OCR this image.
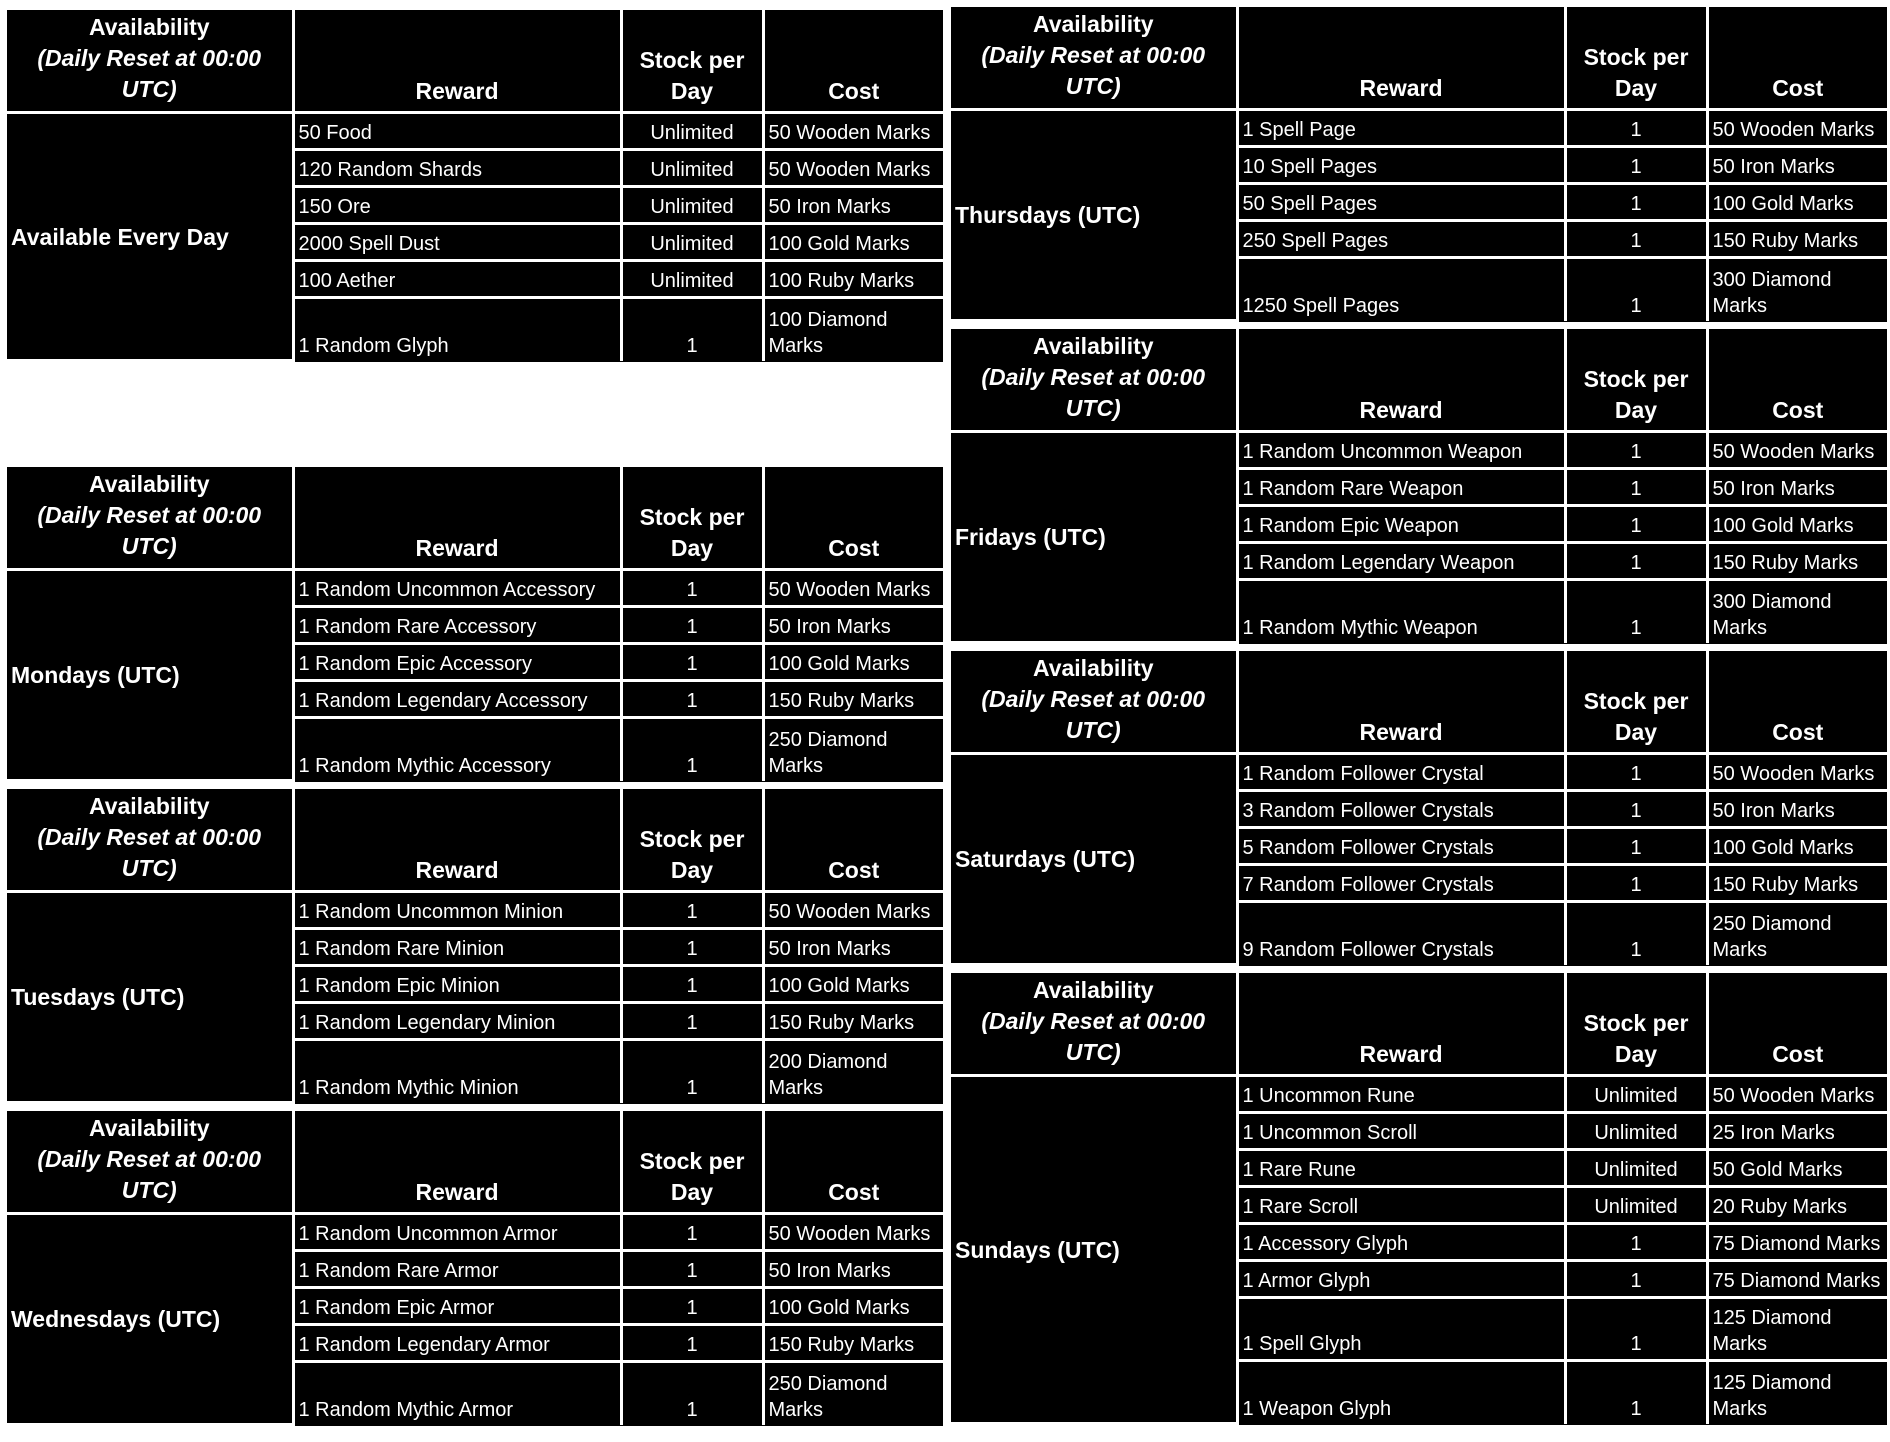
Availability
(Daily Reset at 00:00 UTC)	Reward	Stock per Day	Cost
Available Every Day	50 Food	Unlimited	50 Wooden Marks
	120 Random Shards	Unlimited	50 Wooden Marks
	150 Ore	Unlimited	50 Iron Marks
	2000 Spell Dust	Unlimited	100 Gold Marks
	100 Aether	Unlimited	100 Ruby Marks
	1 Random Glyph	1	100 Diamond Marks
Availability
(Daily Reset at 00:00 UTC)	Reward	Stock per Day	Cost
Mondays (UTC)	1 Random Uncommon Accessory	1	50 Wooden Marks
	1 Random Rare Accessory	1	50 Iron Marks
	1 Random Epic Accessory	1	100 Gold Marks
	1 Random Legendary Accessory	1	150 Ruby Marks
	1 Random Mythic Accessory	1	250 Diamond Marks
Availability
(Daily Reset at 00:00 UTC)	Reward	Stock per Day	Cost
Tuesdays (UTC)	1 Random Uncommon Minion	1	50 Wooden Marks
	1 Random Rare Minion	1	50 Iron Marks
	1 Random Epic Minion	1	100 Gold Marks
	1 Random Legendary Minion	1	150 Ruby Marks
	1 Random Mythic Minion	1	200 Diamond Marks
Availability
(Daily Reset at 00:00 UTC)	Reward	Stock per Day	Cost
Wednesdays (UTC)	1 Random Uncommon Armor	1	50 Wooden Marks
	1 Random Rare Armor	1	50 Iron Marks
	1 Random Epic Armor	1	100 Gold Marks
	1 Random Legendary Armor	1	150 Ruby Marks
	1 Random Mythic Armor	1	250 Diamond Marks
Availability
(Daily Reset at 00:00 UTC)	Reward	Stock per Day	Cost
Thursdays (UTC)	1 Spell Page	1	50 Wooden Marks
	10 Spell Pages	1	50 Iron Marks
	50 Spell Pages	1	100 Gold Marks
	250 Spell Pages	1	150 Ruby Marks
	1250 Spell Pages	1	300 Diamond Marks
Availability
(Daily Reset at 00:00 UTC)	Reward	Stock per Day	Cost
Fridays (UTC)	1 Random Uncommon Weapon	1	50 Wooden Marks
	1 Random Rare Weapon	1	50 Iron Marks
	1 Random Epic Weapon	1	100 Gold Marks
	1 Random Legendary Weapon	1	150 Ruby Marks
	1 Random Mythic Weapon	1	300 Diamond Marks
Availability
(Daily Reset at 00:00 UTC)	Reward	Stock per Day	Cost
Saturdays (UTC)	1 Random Follower Crystal	1	50 Wooden Marks
	3 Random Follower Crystals	1	50 Iron Marks
	5 Random Follower Crystals	1	100 Gold Marks
	7 Random Follower Crystals	1	150 Ruby Marks
	9 Random Follower Crystals	1	250 Diamond Marks
Availability
(Daily Reset at 00:00 UTC)	Reward	Stock per Day	Cost
Sundays (UTC)	1 Uncommon Rune	Unlimited	50 Wooden Marks
	1 Uncommon Scroll	Unlimited	25 Iron Marks
	1 Rare Rune	Unlimited	50 Gold Marks
	1 Rare Scroll	Unlimited	20 Ruby Marks
	1 Accessory Glyph	1	75 Diamond Marks
	1 Armor Glyph	1	75 Diamond Marks
	1 Spell Glyph	1	125 Diamond Marks
	1 Weapon Glyph	1	125 Diamond Marks
